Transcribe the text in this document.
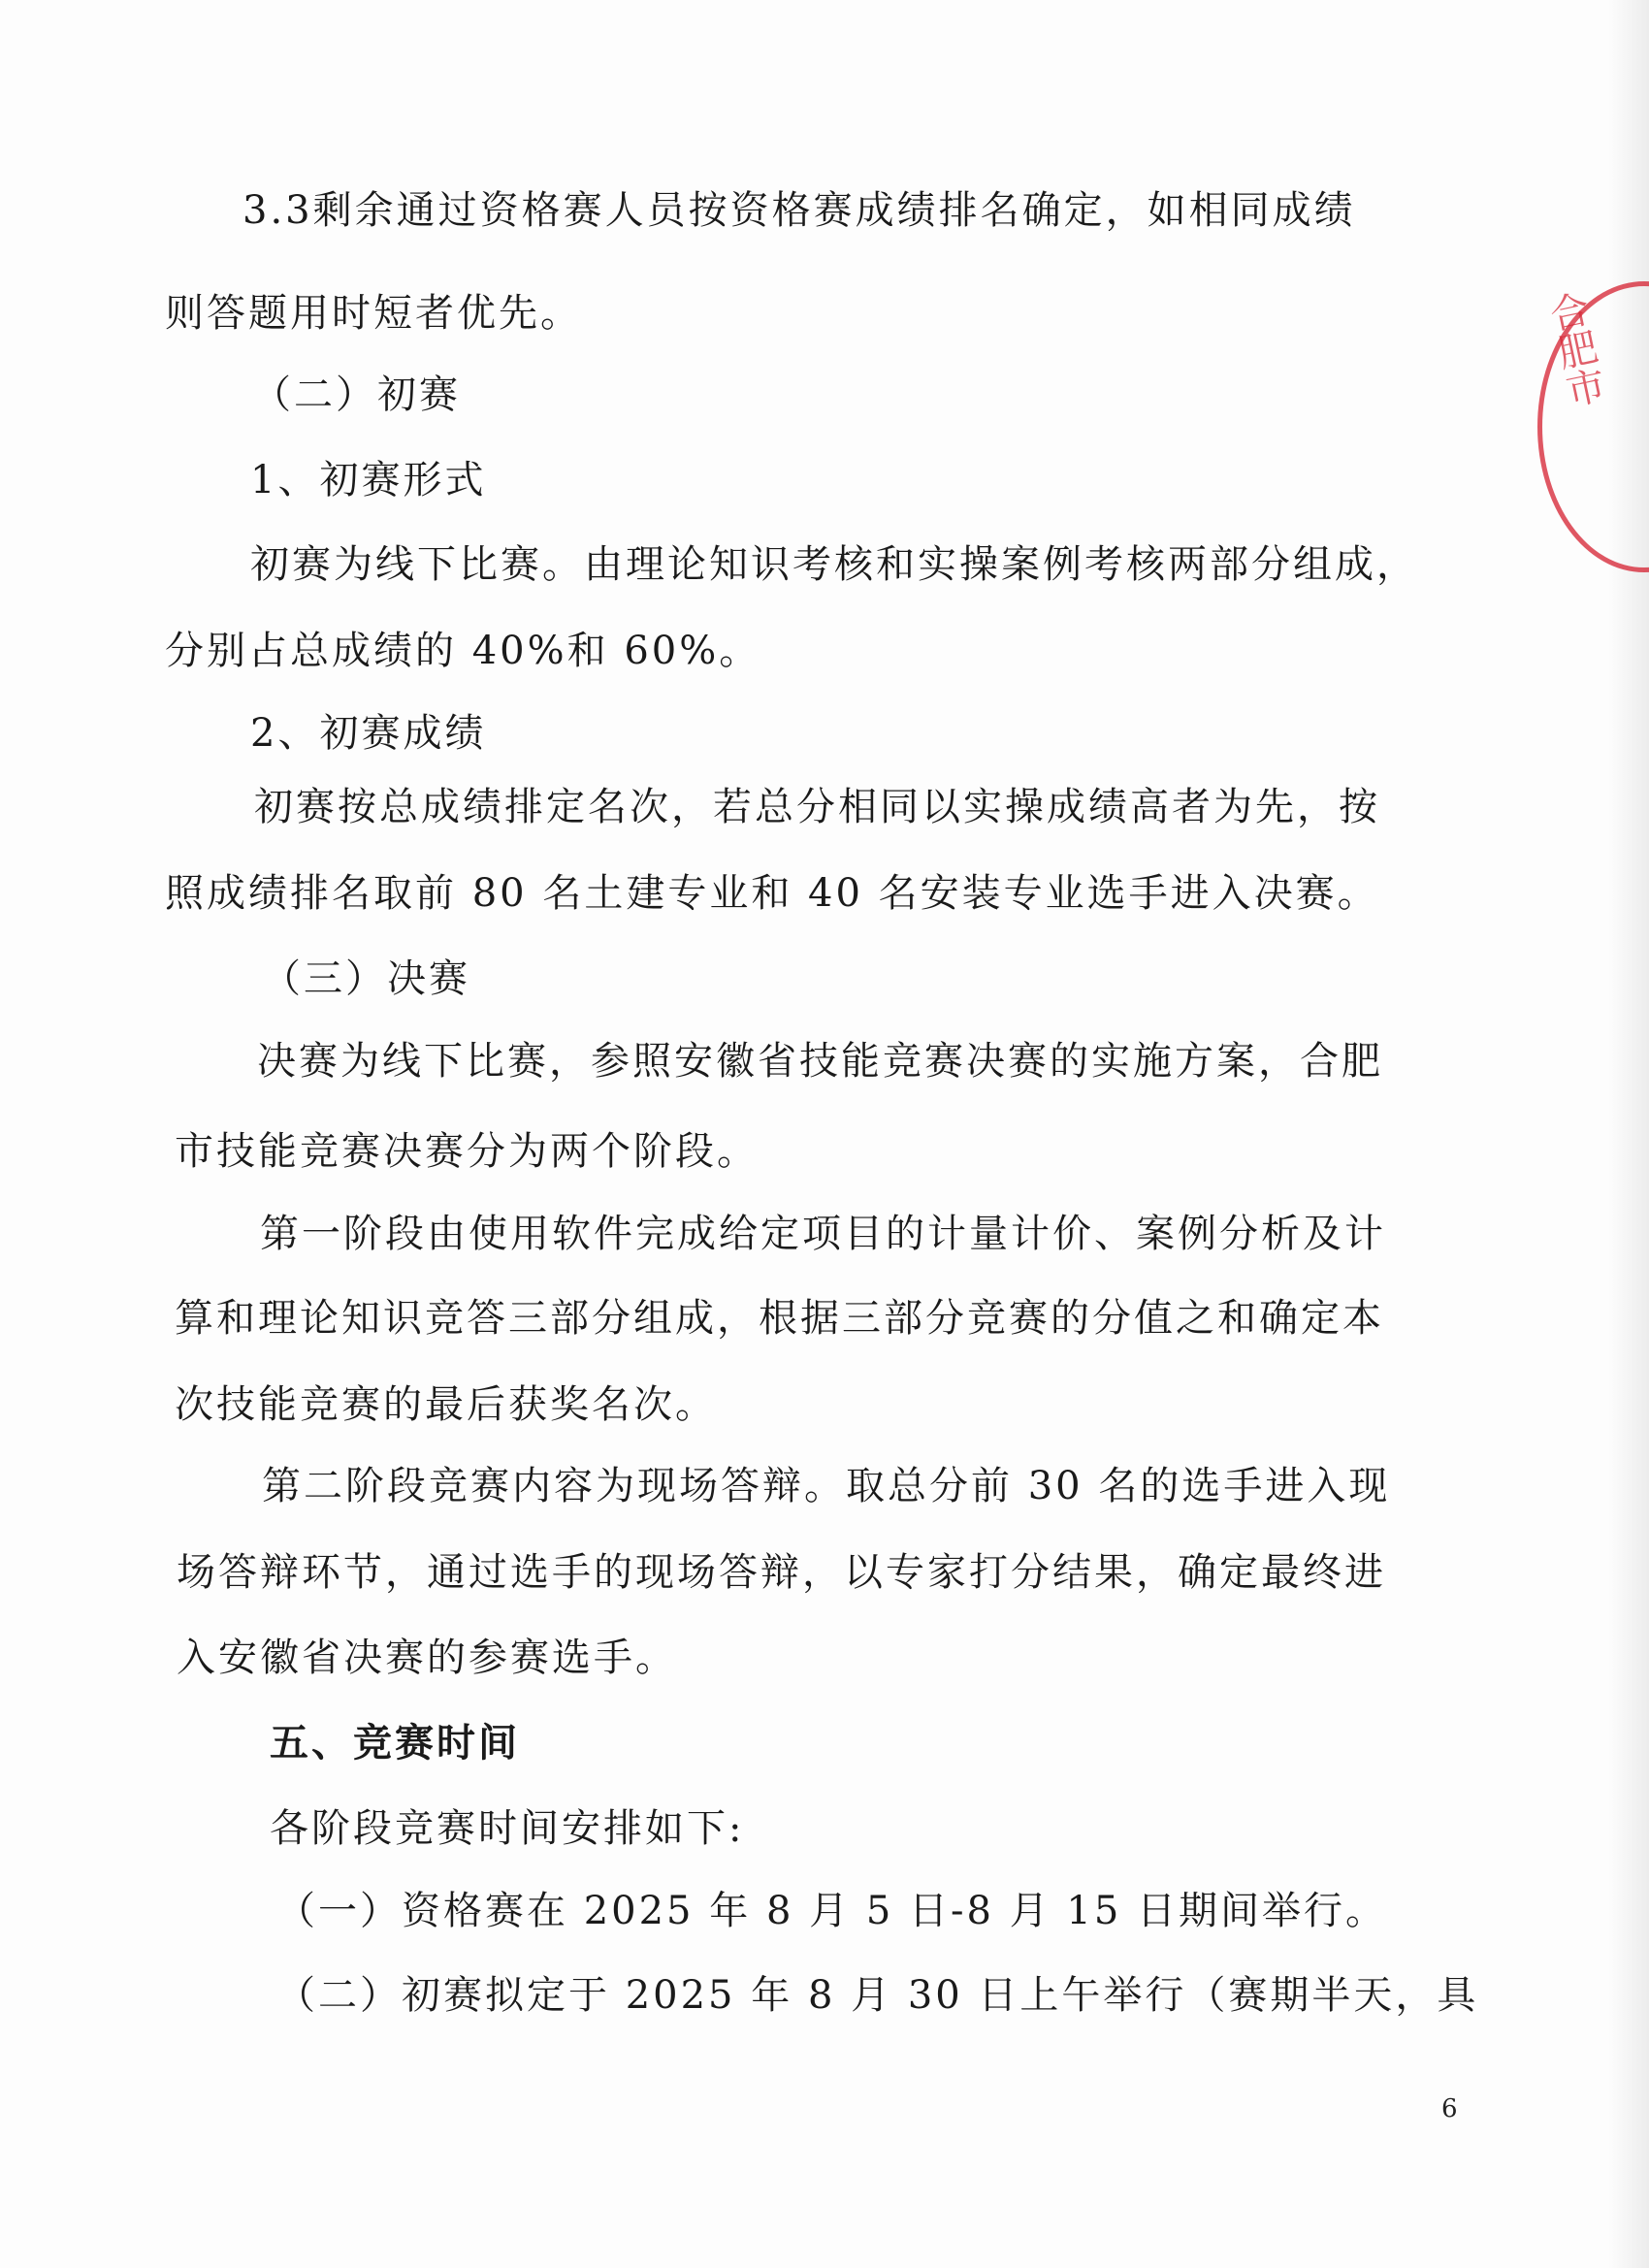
合肥市
3.3剩余通过资格赛人员按资格赛成绩排名确定，如相同成绩
则答题用时短者优先。
（二）初赛
1、初赛形式
初赛为线下比赛。由理论知识考核和实操案例考核两部分组成，
分别占总成绩的 40%和 60%。
2、初赛成绩
初赛按总成绩排定名次，若总分相同以实操成绩高者为先，按
照成绩排名取前 80 名土建专业和 40 名安装专业选手进入决赛。
（三）决赛
决赛为线下比赛，参照安徽省技能竞赛决赛的实施方案，合肥
市技能竞赛决赛分为两个阶段。
第一阶段由使用软件完成给定项目的计量计价、案例分析及计
算和理论知识竞答三部分组成，根据三部分竞赛的分值之和确定本
次技能竞赛的最后获奖名次。
第二阶段竞赛内容为现场答辩。取总分前 30 名的选手进入现
场答辩环节，通过选手的现场答辩，以专家打分结果，确定最终进
入安徽省决赛的参赛选手。
五、竞赛时间
各阶段竞赛时间安排如下:
（一）资格赛在 2025 年 8 月 5 日-8 月 15 日期间举行。
（二）初赛拟定于 2025 年 8 月 30 日上午举行（赛期半天，具
6
